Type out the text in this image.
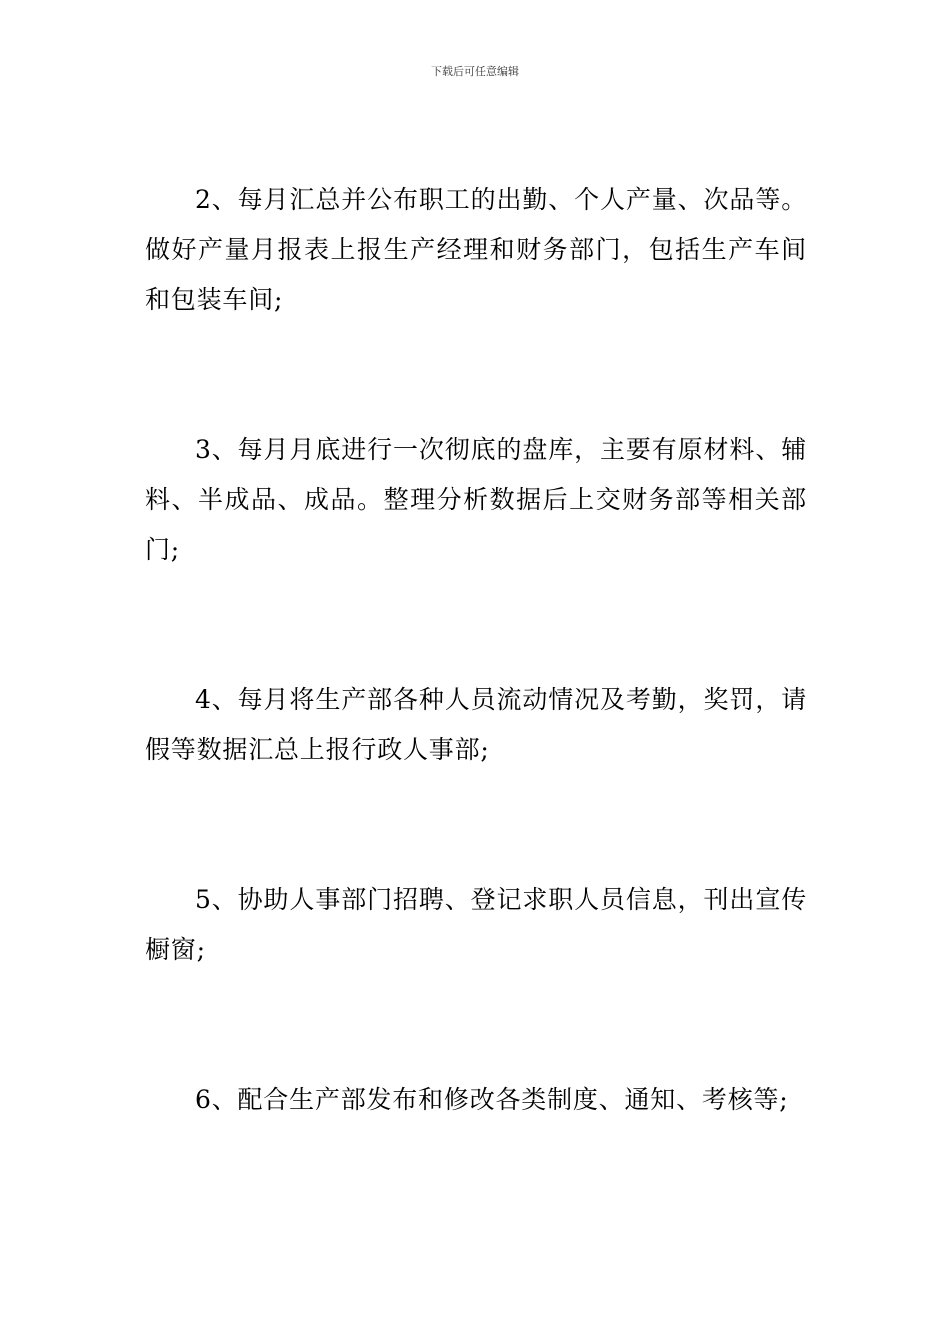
下载后可任意编辑

2、每月汇总并公布职工的出勤、个人产量、次品等。做好产量月报表上报生产经理和财务部门，包括生产车间和包装车间;

3、每月月底进行一次彻底的盘库，主要有原材料、辅料、半成品、成品。整理分析数据后上交财务部等相关部门;

4、每月将生产部各种人员流动情况及考勤，奖罚，请假等数据汇总上报行政人事部;

5、协助人事部门招聘、登记求职人员信息，刊出宣传橱窗;

6、配合生产部发布和修改各类制度、通知、考核等;
